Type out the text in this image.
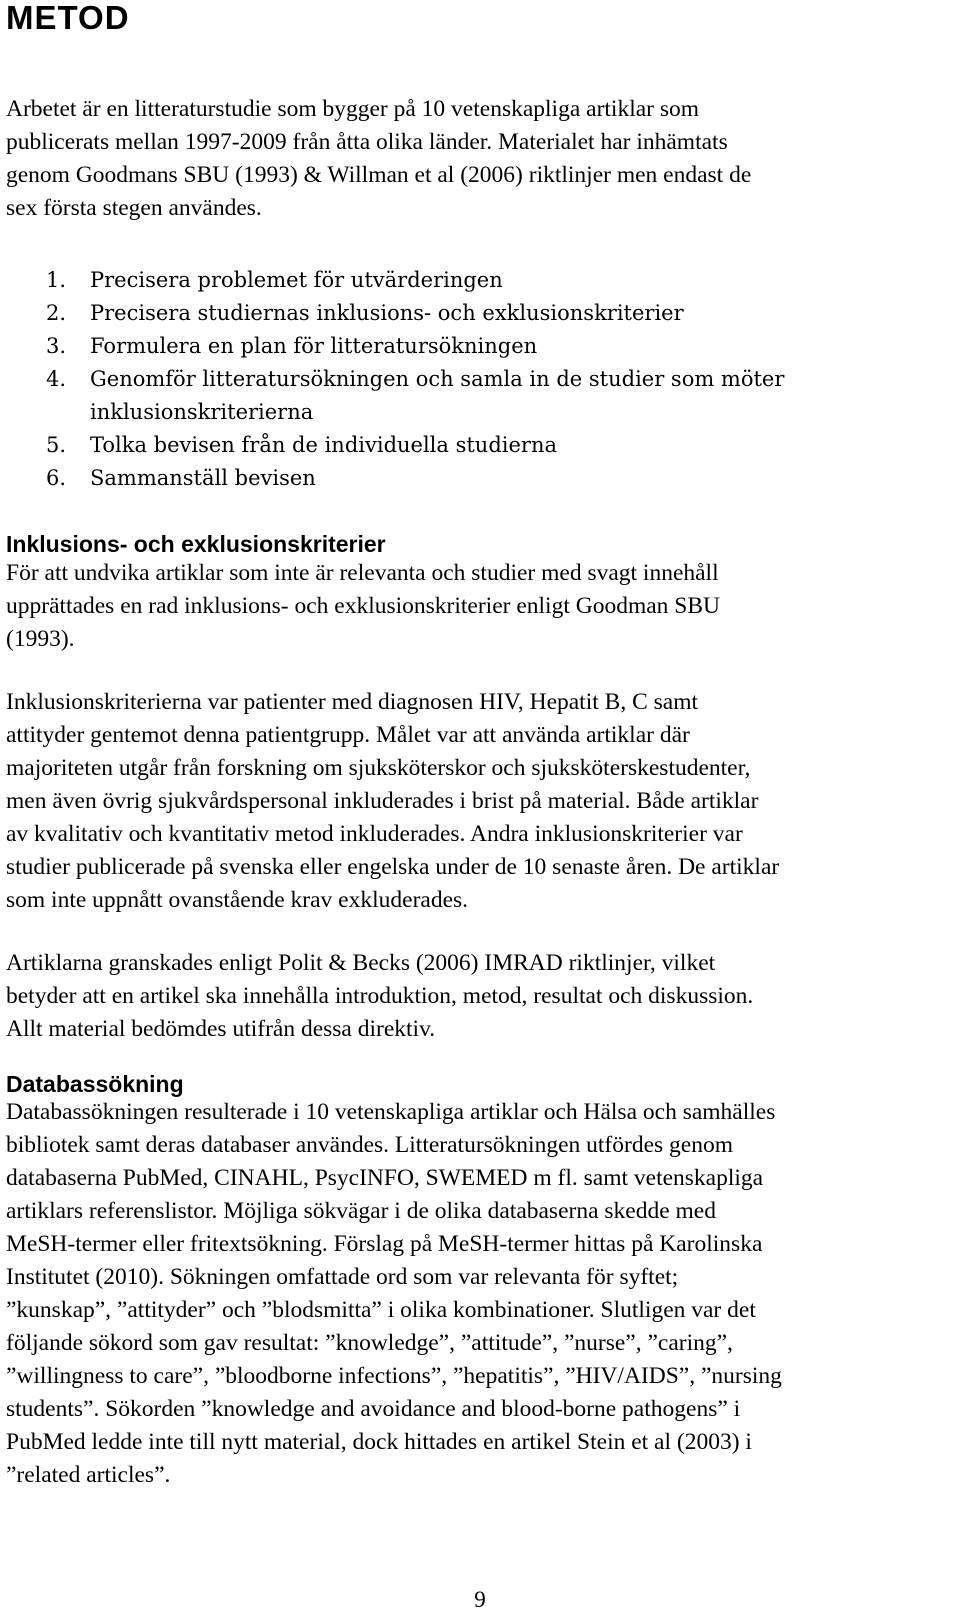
METOD

Arbetet är en litteraturstudie som bygger på 10 vetenskapliga artiklar som
publicerats mellan 1997-2009 från åtta olika länder. Materialet har inhämtats
genom Goodmans SBU (1993) & Willman et al (2006) riktlinjer men endast de
sex första stegen användes.

1. Precisera problemet för utvärderingen
2. Precisera studiernas inklusions- och exklusionskriterier
3. Formulera en plan för litteratursökningen
4. Genomför litteratursökningen och samla in de studier som möter
inklusionskriterierna
5. Tolka bevisen från de individuella studierna
6. Sammanställ bevisen
Inklusions- och exklusionskriterier

För att undvika artiklar som inte är relevanta och studier med svagt innehåll
upprättades en rad inklusions- och exklusionskriterier enligt Goodman SBU
(1993).

Inklusionskriterierna var patienter med diagnosen HIV, Hepatit B, C samt
attityder gentemot denna patientgrupp. Målet var att använda artiklar där
majoriteten utgår från forskning om sjuksköterskor och sjuksköterskestudenter,
men även övrig sjukvårdspersonal inkluderades i brist på material. Både artiklar
av kvalitativ och kvantitativ metod inkluderades. Andra inklusionskriterier var
studier publicerade på svenska eller engelska under de 10 senaste åren. De artiklar
som inte uppnått ovanstående krav exkluderades.

Artiklarna granskades enligt Polit & Becks (2006) IMRAD riktlinjer, vilket
betyder att en artikel ska innehålla introduktion, metod, resultat och diskussion.
Allt material bedömdes utifrån dessa direktiv.

Databassökning

Databassökningen resulterade i 10 vetenskapliga artiklar och Hälsa och samhälles
bibliotek samt deras databaser användes. Litteratursökningen utfördes genom
databaserna PubMed, CINAHL, PsycINFO, SWEMED m fl. samt vetenskapliga
artiklars referenslistor. Möjliga sökvägar i de olika databaserna skedde med
MeSH-termer eller fritextsökning. Förslag på MeSH-termer hittas på Karolinska
Institutet (2010). Sökningen omfattade ord som var relevanta för syftet;
”kunskap”, ”attityder” och ”blodsmitta” i olika kombinationer. Slutligen var det
följande sökord som gav resultat: ”knowledge”, ”attitude”, ”nurse”, ”caring”,
”willingness to care”, ”bloodborne infections”, ”hepatitis”, ”HIV/AIDS”, ”nursing
students”. Sökorden ”knowledge and avoidance and blood-borne pathogens” i
PubMed ledde inte till nytt material, dock hittades en artikel Stein et al (2003) i
”related articles”.

9
